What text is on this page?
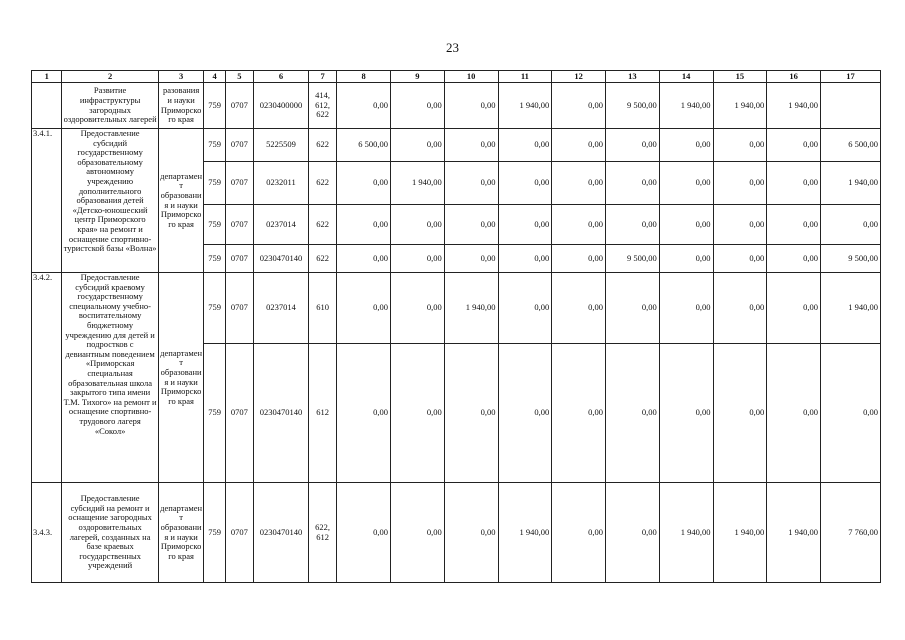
23
1	2	3	4	5	6	7	8	9	10	11	12	13	14	15	16	17
	Развитие инфраструктуры загородных оздоровительных лагерей	разования и науки Приморского края	759	0707	0230400000	414, 612, 622	0,00	0,00	0,00	1 940,00	0,00	9 500,00	1 940,00	1 940,00	1 940,00	
3.4.1.	Предоставление субсидий государственному образовательному автономному учреждению дополнительного образования детей «Детско-юношеский центр Приморского края» на ремонт и оснащение спортивно-туристской базы «Волна»	департамент образования и науки Приморского края	759	0707	5225509	622	6 500,00	0,00	0,00	0,00	0,00	0,00	0,00	0,00	0,00	6 500,00
			759	0707	0232011	622	0,00	1 940,00	0,00	0,00	0,00	0,00	0,00	0,00	0,00	1 940,00
			759	0707	0237014	622	0,00	0,00	0,00	0,00	0,00	0,00	0,00	0,00	0,00	0,00
			759	0707	0230470140	622	0,00	0,00	0,00	0,00	0,00	9 500,00	0,00	0,00	0,00	9 500,00
3.4.2.	Предоставление субсидий краевому государственному специальному учебно-воспитательному бюджетному учреждению для детей и подростков с девиантным поведением «Приморская специальная образовательная школа закрытого типа имени Т.М. Тихого» на ремонт и оснащение спортивно-трудового лагеря «Сокол»	департамент образования и науки Приморского края	759	0707	0237014	610	0,00	0,00	1 940,00	0,00	0,00	0,00	0,00	0,00	0,00	1 940,00
			759	0707	0230470140	612	0,00	0,00	0,00	0,00	0,00	0,00	0,00	0,00	0,00	0,00
3.4.3.	Предоставление субсидий на ремонт и оснащение загородных оздоровительных лагерей, созданных на базе краевых государственных учреждений	департамент образования и науки Приморского края	759	0707	0230470140	622, 612	0,00	0,00	0,00	1 940,00	0,00	0,00	1 940,00	1 940,00	1 940,00	7 760,00
